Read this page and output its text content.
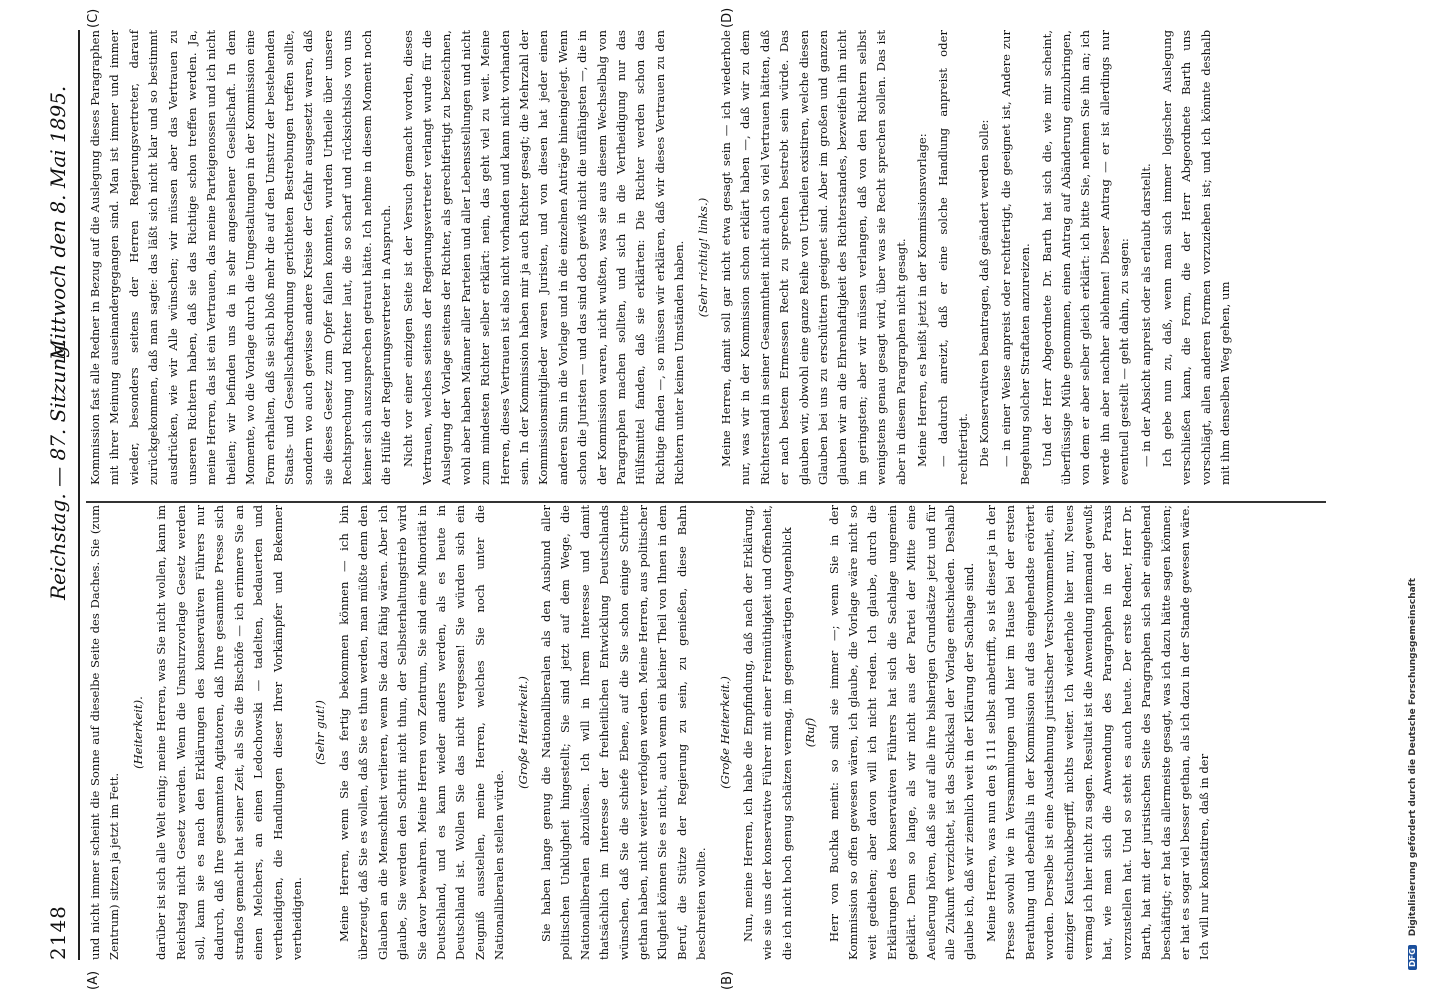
2148
Reichstag. — 87. Sitzung.
Mittwoch den 8. Mai 1895.
(A)	(B)
(C)	(D)

und nicht immer scheint die Sonne auf dieselbe Seite des Daches. Sie (zum Zentrum) sitzen ja jetzt im Fett.

(Heiterkeit). darüber ist sich alle Welt einig; meine Herren, was Sie nicht wollen, kann im Reichstag nicht Gesetz werden. Wenn die Umsturzvorlage Gesetz werden soll, kann sie es nach den Erklärungen des konservativen Führers nur dadurch, daß Ihre gesammten Agitatoren, daß Ihre gesammte Presse sich straflos gemacht hat seiner Zeit, als Sie die Bischöfe — ich erinnere Sie an einen Melchers, an einen Ledochowski — tadelten, bedauerten und vertheidigten, die Handlungen dieser Ihrer Vorkämpfer und Bekenner vertheidigten.

(Sehr gut!) Meine Herren, wenn Sie das fertig bekommen können — ich bin überzeugt, daß Sie es wollen, daß Sie es thun werden, man müßte denn den Glauben an die Menschheit verlieren, wenn Sie dazu fähig wären. Aber ich glaube, Sie werden den Schritt nicht thun, der Selbsterhaltungstrieb wird Sie davor bewahren. Meine Herren vom Zentrum, Sie sind eine Minorität in Deutschland, und es kann wieder anders werden, als es heute in Deutschland ist. Wollen Sie das nicht vergessen! Sie würden sich ein Zeugniß ausstellen, meine Herren, welches Sie noch unter die Nationalliberalen stellen würde.

(Große Heiterkeit.) Sie haben lange genug die Nationalliberalen als den Ausbund aller politischen Unklugheit hingestellt; Sie sind jetzt auf dem Wege, die Nationalliberalen abzulösen. Ich will in Ihrem Interesse und damit thatsächlich im Interesse der freiheitlichen Entwicklung Deutschlands wünschen, daß Sie die schiefe Ebene, auf die Sie schon einige Schritte gethan haben, nicht weiter verfolgen werden. Meine Herren, aus politischer Klugheit können Sie es nicht, auch wenn ein kleiner Theil von Ihnen in dem Beruf, die Stütze der Regierung zu sein, zu genießen, diese Bahn beschreiten wollte.

(Große Heiterkeit.) Nun, meine Herren, ich habe die Empfindung, daß nach der Erklärung, wie sie uns der konservative Führer mit einer Freimüthigkeit und Offenheit, die ich nicht hoch genug schätzen vermag, im gegenwärtigen Augenblick (Ruf) Herr von Buchka meint: so sind sie immer —; wenn Sie in der Kommission so offen gewesen wären, ich glaube, die Vorlage wäre nicht so weit gediehen; aber davon will ich nicht reden. Ich glaube, durch die Erklärungen des konservativen Führers hat sich die Sachlage ungemein geklärt. Denn so lange, als wir nicht aus der Partei der Mitte eine Aeußerung hören, daß sie auf alle ihre bisherigen Grundsätze jetzt und für alle Zukunft verzichtet, ist das Schicksal der Vorlage entschieden. Deshalb glaube ich, daß wir ziemlich weit in der Klärung der Sachlage sind. Meine Herren, was nun den § 111 selbst anbetrifft, so ist dieser ja in der Presse sowohl wie in Versammlungen und hier im Hause bei der ersten Berathung und ebenfalls in der Kommission auf das eingehendste erörtert worden. Derselbe ist eine Ausdehnung juristischer Verschwommenheit, ein einziger Kautschukbegriff, nichts weiter. Ich wiederhole hier nur, Neues vermag ich hier nicht zu sagen. Resultat ist die Anwendung niemand gewußt hat, wie man sich die Anwendung des Paragraphen in der Praxis vorzustellen hat. Und so steht es auch heute. Der erste Redner, Herr Dr. Barth, hat mit der juristischen Seite des Paragraphen sich sehr eingehend beschäftigt; er hat das allermeiste gesagt, was ich dazu hätte sagen können; er hat es sogar viel besser gethan, als ich dazu in der Stande gewesen wäre. Ich will nur konstatiren, daß in der

Kommission fast alle Redner in Bezug auf die Auslegung dieses Paragraphen mit ihrer Meinung auseinandergegangen sind. Man ist immer und immer wieder, besonders seitens der Herren Regierungsvertreter, darauf zurückgekommen, daß man sagte: das läßt sich nicht klar und so bestimmt ausdrücken, wie wir Alle wünschen; wir müssen aber das Vertrauen zu unseren Richtern haben, daß sie das Richtige schon treffen werden. Ja, meine Herren, das ist ein Vertrauen, das meine Parteigenossen und ich nicht theilen; wir befinden uns da in sehr angesehener Gesellschaft. In dem Momente, wo die Vorlage durch die Umgestaltungen in der Kommission eine Form erhalten, daß sie sich bloß mehr die auf den Umsturz der bestehenden Staats- und Gesellschaftsordnung gerichteten Bestrebungen treffen sollte, sondern wo auch gewisse andere Kreise der Gefahr ausgesetzt waren, daß sie dieses Gesetz zum Opfer fallen konnten, wurden Urtheile über unsere Rechtsprechung und Richter laut, die so scharf und rücksichtslos von uns keiner sich auszusprechen getraut hätte. Ich nehme in diesem Moment noch die Hülfe der Regierungsvertreter in Anspruch. Nicht vor einer einzigen Seite ist der Versuch gemacht worden, dieses Vertrauen, welches seitens der Regierungsvertreter verlangt wurde für die Auslegung der Vorlage seitens der Richter, als gerechtfertigt zu bezeichnen, wohl aber haben Männer aller Parteien und aller Lebensstellungen und nicht zum mindesten Richter selber erklärt: nein, das geht viel zu weit. Meine Herren, dieses Vertrauen ist also nicht vorhanden und kann nicht vorhanden sein. In der Kommission haben mir ja auch Richter gesagt; die Mehrzahl der Kommissionsmitglieder waren Juristen, und von diesen hat jeder einen anderen Sinn in die Vorlage und in die einzelnen Anträge hineingelegt. Wenn schon die Juristen — und das sind doch gewiß nicht die unfähigsten —, die in der Kommission waren, nicht wußten, was sie aus diesem Wechselbalg von Paragraphen machen sollten, und sich in die Vertheidigung nur das Hülfsmittel fanden, daß sie erklärten: Die Richter werden schon das Richtige finden —, so müssen wir erklären, daß wir dieses Vertrauen zu den Richtern unter keinen Umständen haben. (Sehr richtig! links.) Meine Herren, damit soll gar nicht etwa gesagt sein — ich wiederhole nur, was wir in der Kommission schon erklärt haben —, daß wir zu dem Richterstand in seiner Gesammtheit nicht auch so viel Vertrauen hätten, daß er nach bestem Ermessen Recht zu sprechen bestrebt sein würde. Das glauben wir, obwohl eine ganze Reihe von Urtheilen existiren, welche diesen Glauben bei uns zu erschüttern geeignet sind. Aber im großen und ganzen glauben wir an die Ehrenhaftigkeit des Richterstandes, bezweifeln ihn nicht im geringsten; aber wir müssen verlangen, daß von den Richtern selbst wenigstens genau gesagt wird, über was sie Recht sprechen sollen. Das ist aber in diesem Paragraphen nicht gesagt. Meine Herren, es heißt jetzt in der Kommissionsvorlage: — dadurch anreizt, daß er eine solche Handlung anpreist oder rechtfertigt. Die Konservativen beantragen, daß geändert werden solle: — in einer Weise anpreist oder rechtfertigt, die geeignet ist, Andere zur Begehung solcher Straftaten anzureizen. Und der Herr Abgeordnete Dr. Barth hat sich die, wie mir scheint, überflüssige Mühe genommen, einen Antrag auf Abänderung einzubringen, von dem er aber selber gleich erklärt: ich bitte Sie, nehmen Sie ihn an; ich werde ihn aber nachher ablehnen! Dieser Antrag — er ist allerdings nur eventuell gestellt — geht dahin, zu sagen: — in der Absicht anpreist oder als erlaubt darstellt. Ich gebe nun zu, daß, wenn man sich immer logischer Auslegung verschließen kann, die Form, die der Herr Abgeordnete Barth uns vorschlägt, allen anderen Formen vorzuziehen ist; und ich könnte deshalb mit ihm denselben Weg gehen, um

DFG Digitalisierung gefördert durch die Deutsche Forschungsgemeinschaft
